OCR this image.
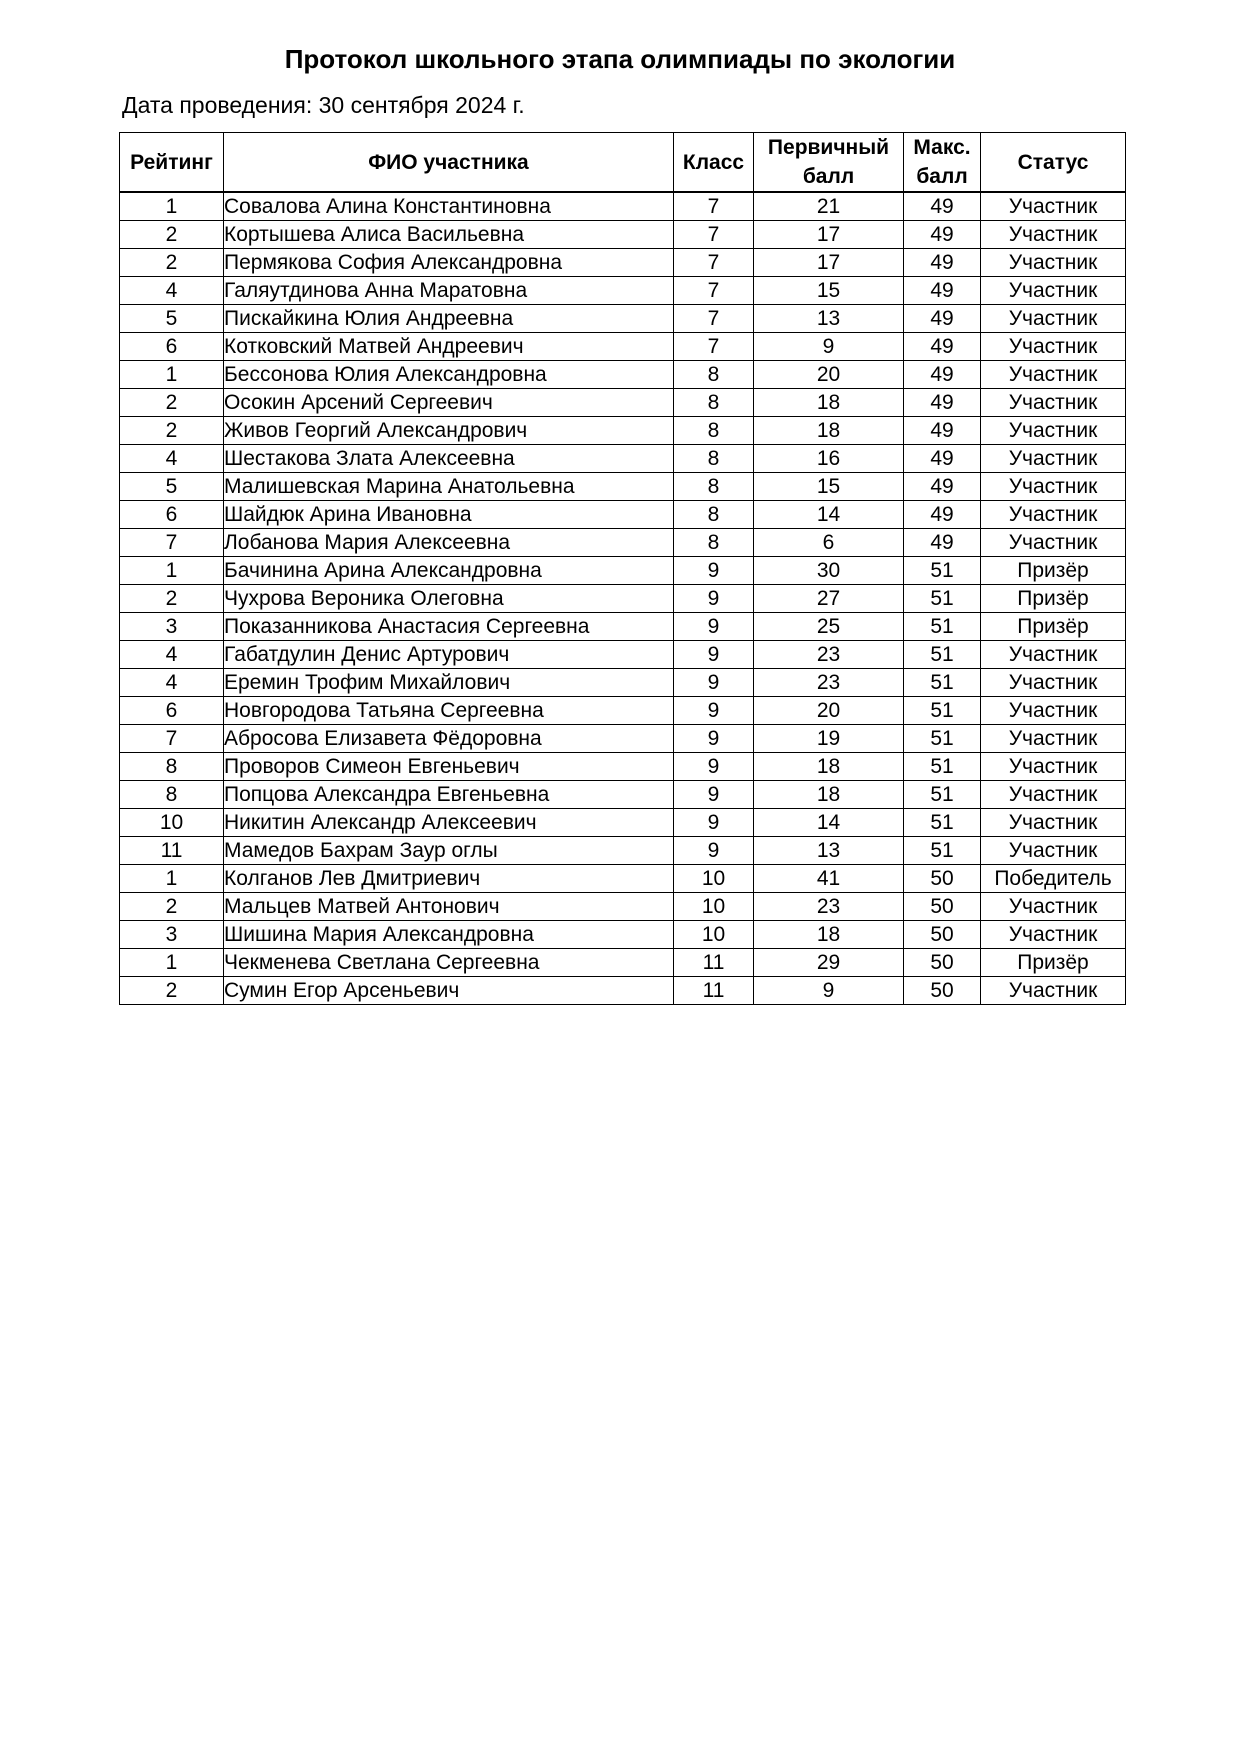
Протокол школьного этапа олимпиады по экологии
Дата проведения: 30 сентября 2024 г.
Рейтинг	ФИО участника	Класс	Первичный балл	Макс. балл	Статус
1	Совалова Алина Константиновна	7	21	49	Участник
2	Кортышева Алиса Васильевна	7	17	49	Участник
2	Пермякова София Александровна	7	17	49	Участник
4	Галяутдинова Анна Маратовна	7	15	49	Участник
5	Пискайкина Юлия Андреевна	7	13	49	Участник
6	Котковский Матвей Андреевич	7	9	49	Участник
1	Бессонова Юлия Александровна	8	20	49	Участник
2	Осокин Арсений Сергеевич	8	18	49	Участник
2	Живов Георгий Александрович	8	18	49	Участник
4	Шестакова Злата Алексеевна	8	16	49	Участник
5	Малишевская Марина Анатольевна	8	15	49	Участник
6	Шайдюк Арина Ивановна	8	14	49	Участник
7	Лобанова Мария Алексеевна	8	6	49	Участник
1	Бачинина Арина Александровна	9	30	51	Призёр
2	Чухрова Вероника Олеговна	9	27	51	Призёр
3	Показанникова Анастасия Сергеевна	9	25	51	Призёр
4	Габатдулин Денис Артурович	9	23	51	Участник
4	Еремин Трофим Михайлович	9	23	51	Участник
6	Новгородова Татьяна Сергеевна	9	20	51	Участник
7	Абросова Елизавета Фёдоровна	9	19	51	Участник
8	Проворов Симеон Евгеньевич	9	18	51	Участник
8	Попцова Александра Евгеньевна	9	18	51	Участник
10	Никитин Александр Алексеевич	9	14	51	Участник
11	Мамедов Бахрам Заур оглы	9	13	51	Участник
1	Колганов Лев Дмитриевич	10	41	50	Победитель
2	Мальцев Матвей Антонович	10	23	50	Участник
3	Шишина Мария Александровна	10	18	50	Участник
1	Чекменева Светлана Сергеевна	11	29	50	Призёр
2	Сумин Егор Арсеньевич	11	9	50	Участник
